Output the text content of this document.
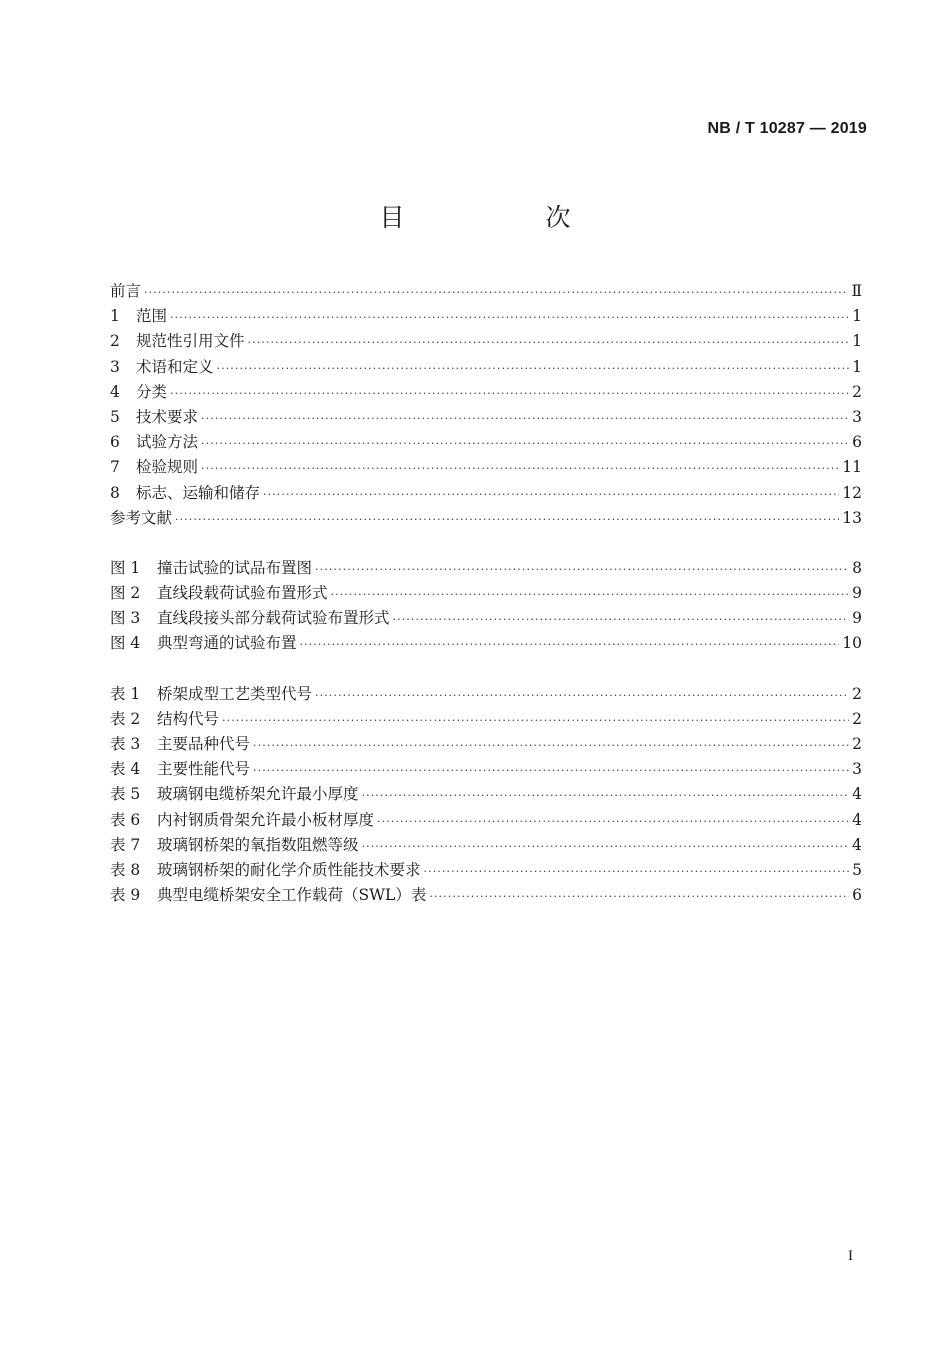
NB / T 10287 — 2019
目　次
前言 ·····	Ⅱ
1	范围 ·····	1
2	规范性引用文件 ·····	1
3	术语和定义 ·····	1
4	分类 ·····	2
5	技术要求 ·····	3
6	试验方法 ·····	6
7	检验规则 ·····	11
8	标志、运输和储存 ·····	12
参考文献 ·····	13
图 1	撞击试验的试品布置图 ·····	8
图 2	直线段载荷试验布置形式 ·····	9
图 3	直线段接头部分载荷试验布置形式 ·····	9
图 4	典型弯通的试验布置 ·····	10
表 1	桥架成型工艺类型代号 ·····	2
表 2	结构代号 ·····	2
表 3	主要品种代号 ·····	2
表 4	主要性能代号 ·····	3
表 5	玻璃钢电缆桥架允许最小厚度 ·····	4
表 6	内衬钢质骨架允许最小板材厚度 ·····	4
表 7	玻璃钢桥架的氧指数阻燃等级 ·····	4
表 8	玻璃钢桥架的耐化学介质性能技术要求 ·····	5
表 9	典型电缆桥架安全工作载荷（SWL）表 ·····	6
I
